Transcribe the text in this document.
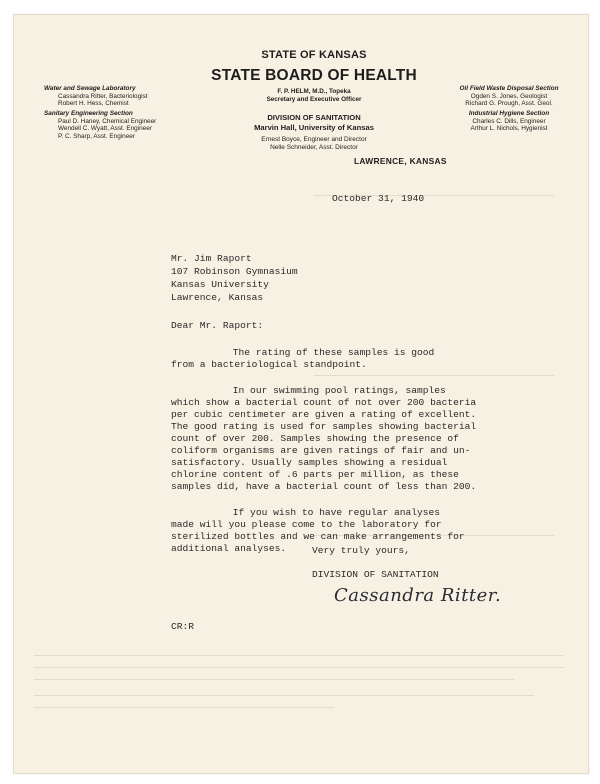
STATE OF KANSAS
STATE BOARD OF HEALTH
F. P. HELM, M.D., Topeka
Secretary and Executive Officer
DIVISION OF SANITATION
Marvin Hall, University of Kansas
Ernest Boyce, Engineer and Director
Nelle Schneider, Asst. Director
LAWRENCE, KANSAS
Water and Sewage Laboratory
Cassandra Ritter, Bacteriologist
Robert H. Hess, Chemist
Sanitary Engineering Section
Paul D. Haney, Chemical Engineer
Wendell C. Wyatt, Asst. Engineer
P. C. Sharp, Asst. Engineer
Oil Field Waste Disposal Section
Ogden S. Jones, Geologist
Richard G. Prough, Asst. Geol.
Industrial Hygiene Section
Charles C. Dills, Engineer
Arthur L. Nichols, Hygienist
October 31, 1940
Mr. Jim Raport
107 Robinson Gymnasium
Kansas University
Lawrence, Kansas
Dear Mr. Raport:
The rating of these samples is good
from a bacteriological standpoint.
In our swimming pool ratings, samples
which show a bacterial count of not over 200 bacteria
per cubic centimeter are given a rating of excellent.
The good rating is used for samples showing bacterial
count of over 200. Samples showing the presence of
coliform organisms are given ratings of fair and un-
satisfactory. Usually samples showing a residual
chlorine content of .6 parts per million, as these
samples did, have a bacterial count of less than 200.
If you wish to have regular analyses
made will you please come to the laboratory for
sterilized bottles and we can make arrangements for
additional analyses.	Very truly yours,
DIVISION OF SANITATION
Cassandra Ritter.
CR:R
